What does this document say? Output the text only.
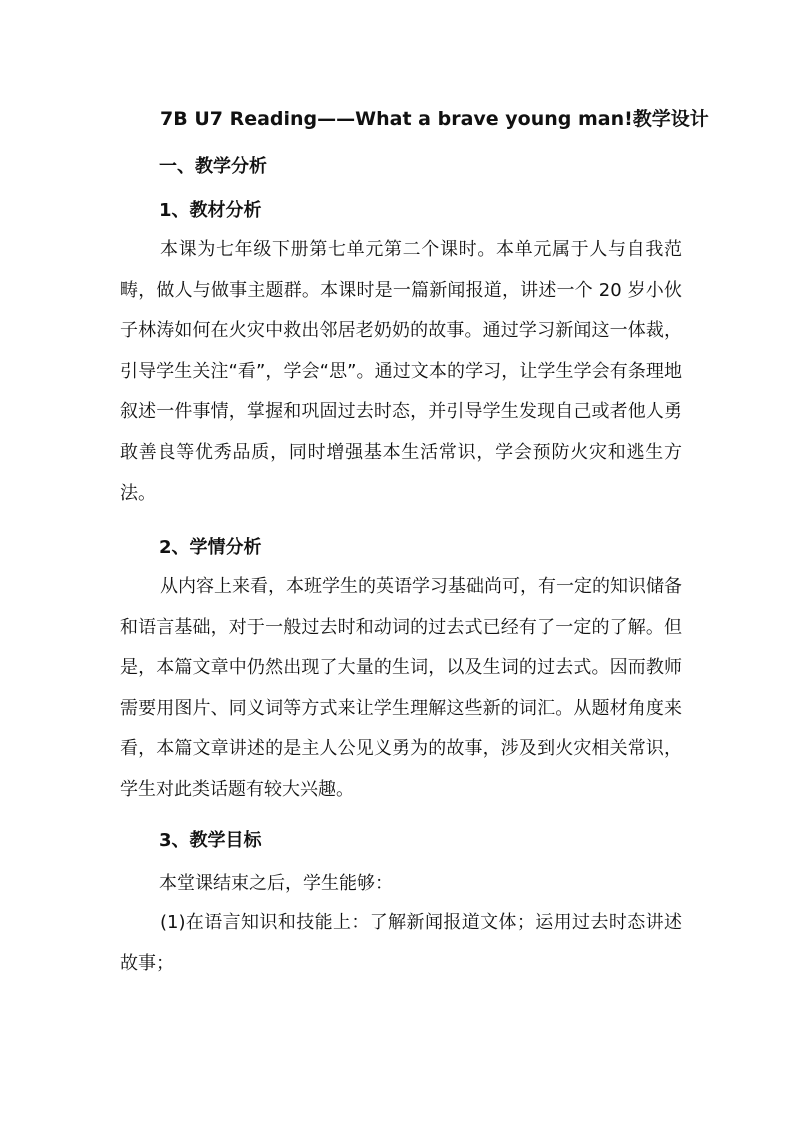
7B U7 Reading——What a brave young man!教学设计
一、教学分析
1、教材分析

本课为七年级下册第七单元第二个课时。本单元属于人与自我范畴，做人与做事主题群。本课时是一篇新闻报道，讲述一个 20 岁小伙子林涛如何在火灾中救出邻居老奶奶的故事。通过学习新闻这一体裁，引导学生关注“看”，学会“思”。通过文本的学习，让学生学会有条理地叙述一件事情，掌握和巩固过去时态，并引导学生发现自己或者他人勇敢善良等优秀品质，同时增强基本生活常识，学会预防火灾和逃生方法。

2、学情分析

从内容上来看，本班学生的英语学习基础尚可，有一定的知识储备和语言基础，对于一般过去时和动词的过去式已经有了一定的了解。但是，本篇文章中仍然出现了大量的生词，以及生词的过去式。因而教师需要用图片、同义词等方式来让学生理解这些新的词汇。从题材角度来看，本篇文章讲述的是主人公见义勇为的故事，涉及到火灾相关常识，学生对此类话题有较大兴趣。

3、教学目标
本堂课结束之后，学生能够：

(1)在语言知识和技能上：了解新闻报道文体；运用过去时态讲述故事；
